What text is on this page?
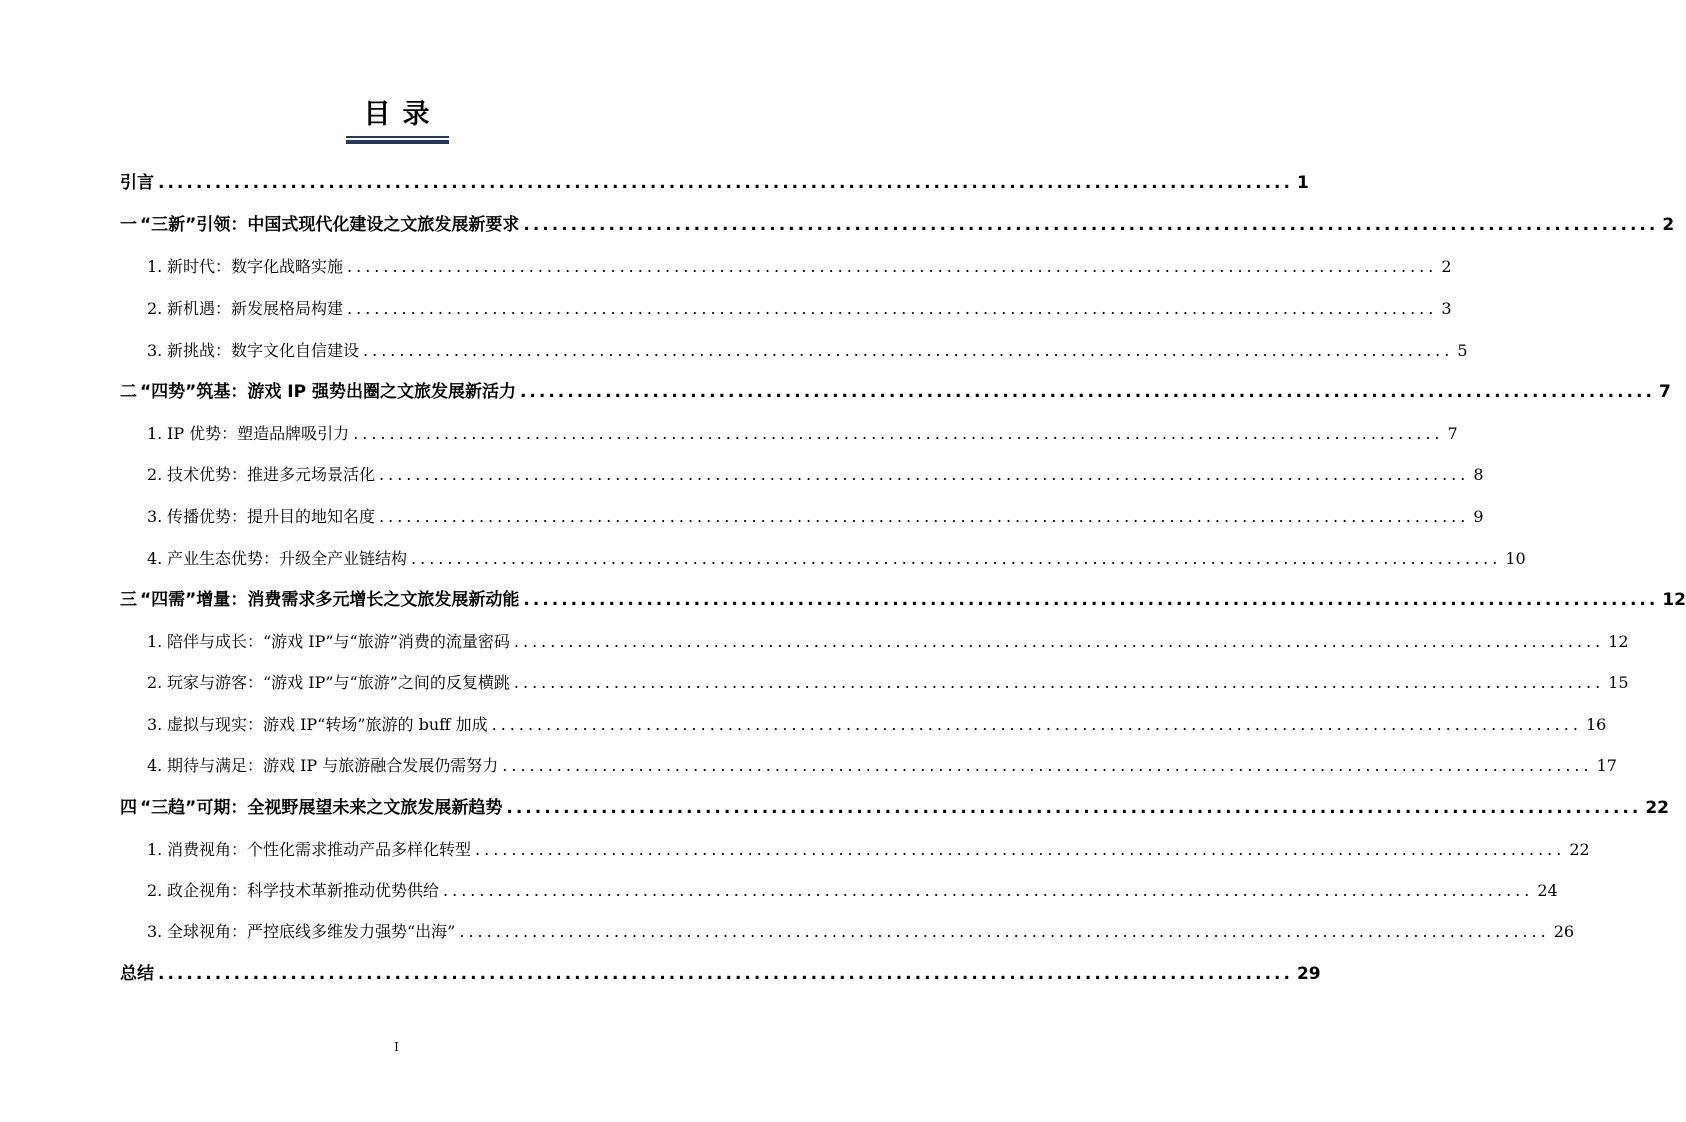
目录
引言 ........................................................................................................................ 1
一 “三新”引领：中国式现代化建设之文旅发展新要求 ........................................................................................................................ 2
1. 新时代：数字化战略实施 ........................................................................................................................ 2
2. 新机遇：新发展格局构建 ........................................................................................................................ 3
3. 新挑战：数字文化自信建设 ........................................................................................................................ 5
二 “四势”筑基：游戏 IP 强势出圈之文旅发展新活力 ........................................................................................................................ 7
1. IP 优势：塑造品牌吸引力 ........................................................................................................................ 7
2. 技术优势：推进多元场景活化 ........................................................................................................................ 8
3. 传播优势：提升目的地知名度 ........................................................................................................................ 9
4. 产业生态优势：升级全产业链结构 ........................................................................................................................ 10
三 “四需”增量：消费需求多元增长之文旅发展新动能 ........................................................................................................................ 12
1. 陪伴与成长：“游戏 IP”与“旅游”消费的流量密码 ........................................................................................................................ 12
2. 玩家与游客：“游戏 IP”与“旅游”之间的反复横跳 ........................................................................................................................ 15
3. 虚拟与现实：游戏 IP“转场”旅游的 buff 加成 ........................................................................................................................ 16
4. 期待与满足：游戏 IP 与旅游融合发展仍需努力 ........................................................................................................................ 17
四 “三趋”可期：全视野展望未来之文旅发展新趋势 ........................................................................................................................ 22
1. 消费视角：个性化需求推动产品多样化转型 ........................................................................................................................ 22
2. 政企视角：科学技术革新推动优势供给 ........................................................................................................................ 24
3. 全球视角：严控底线多维发力强势“出海” ........................................................................................................................ 26
总结 ........................................................................................................................ 29
I
